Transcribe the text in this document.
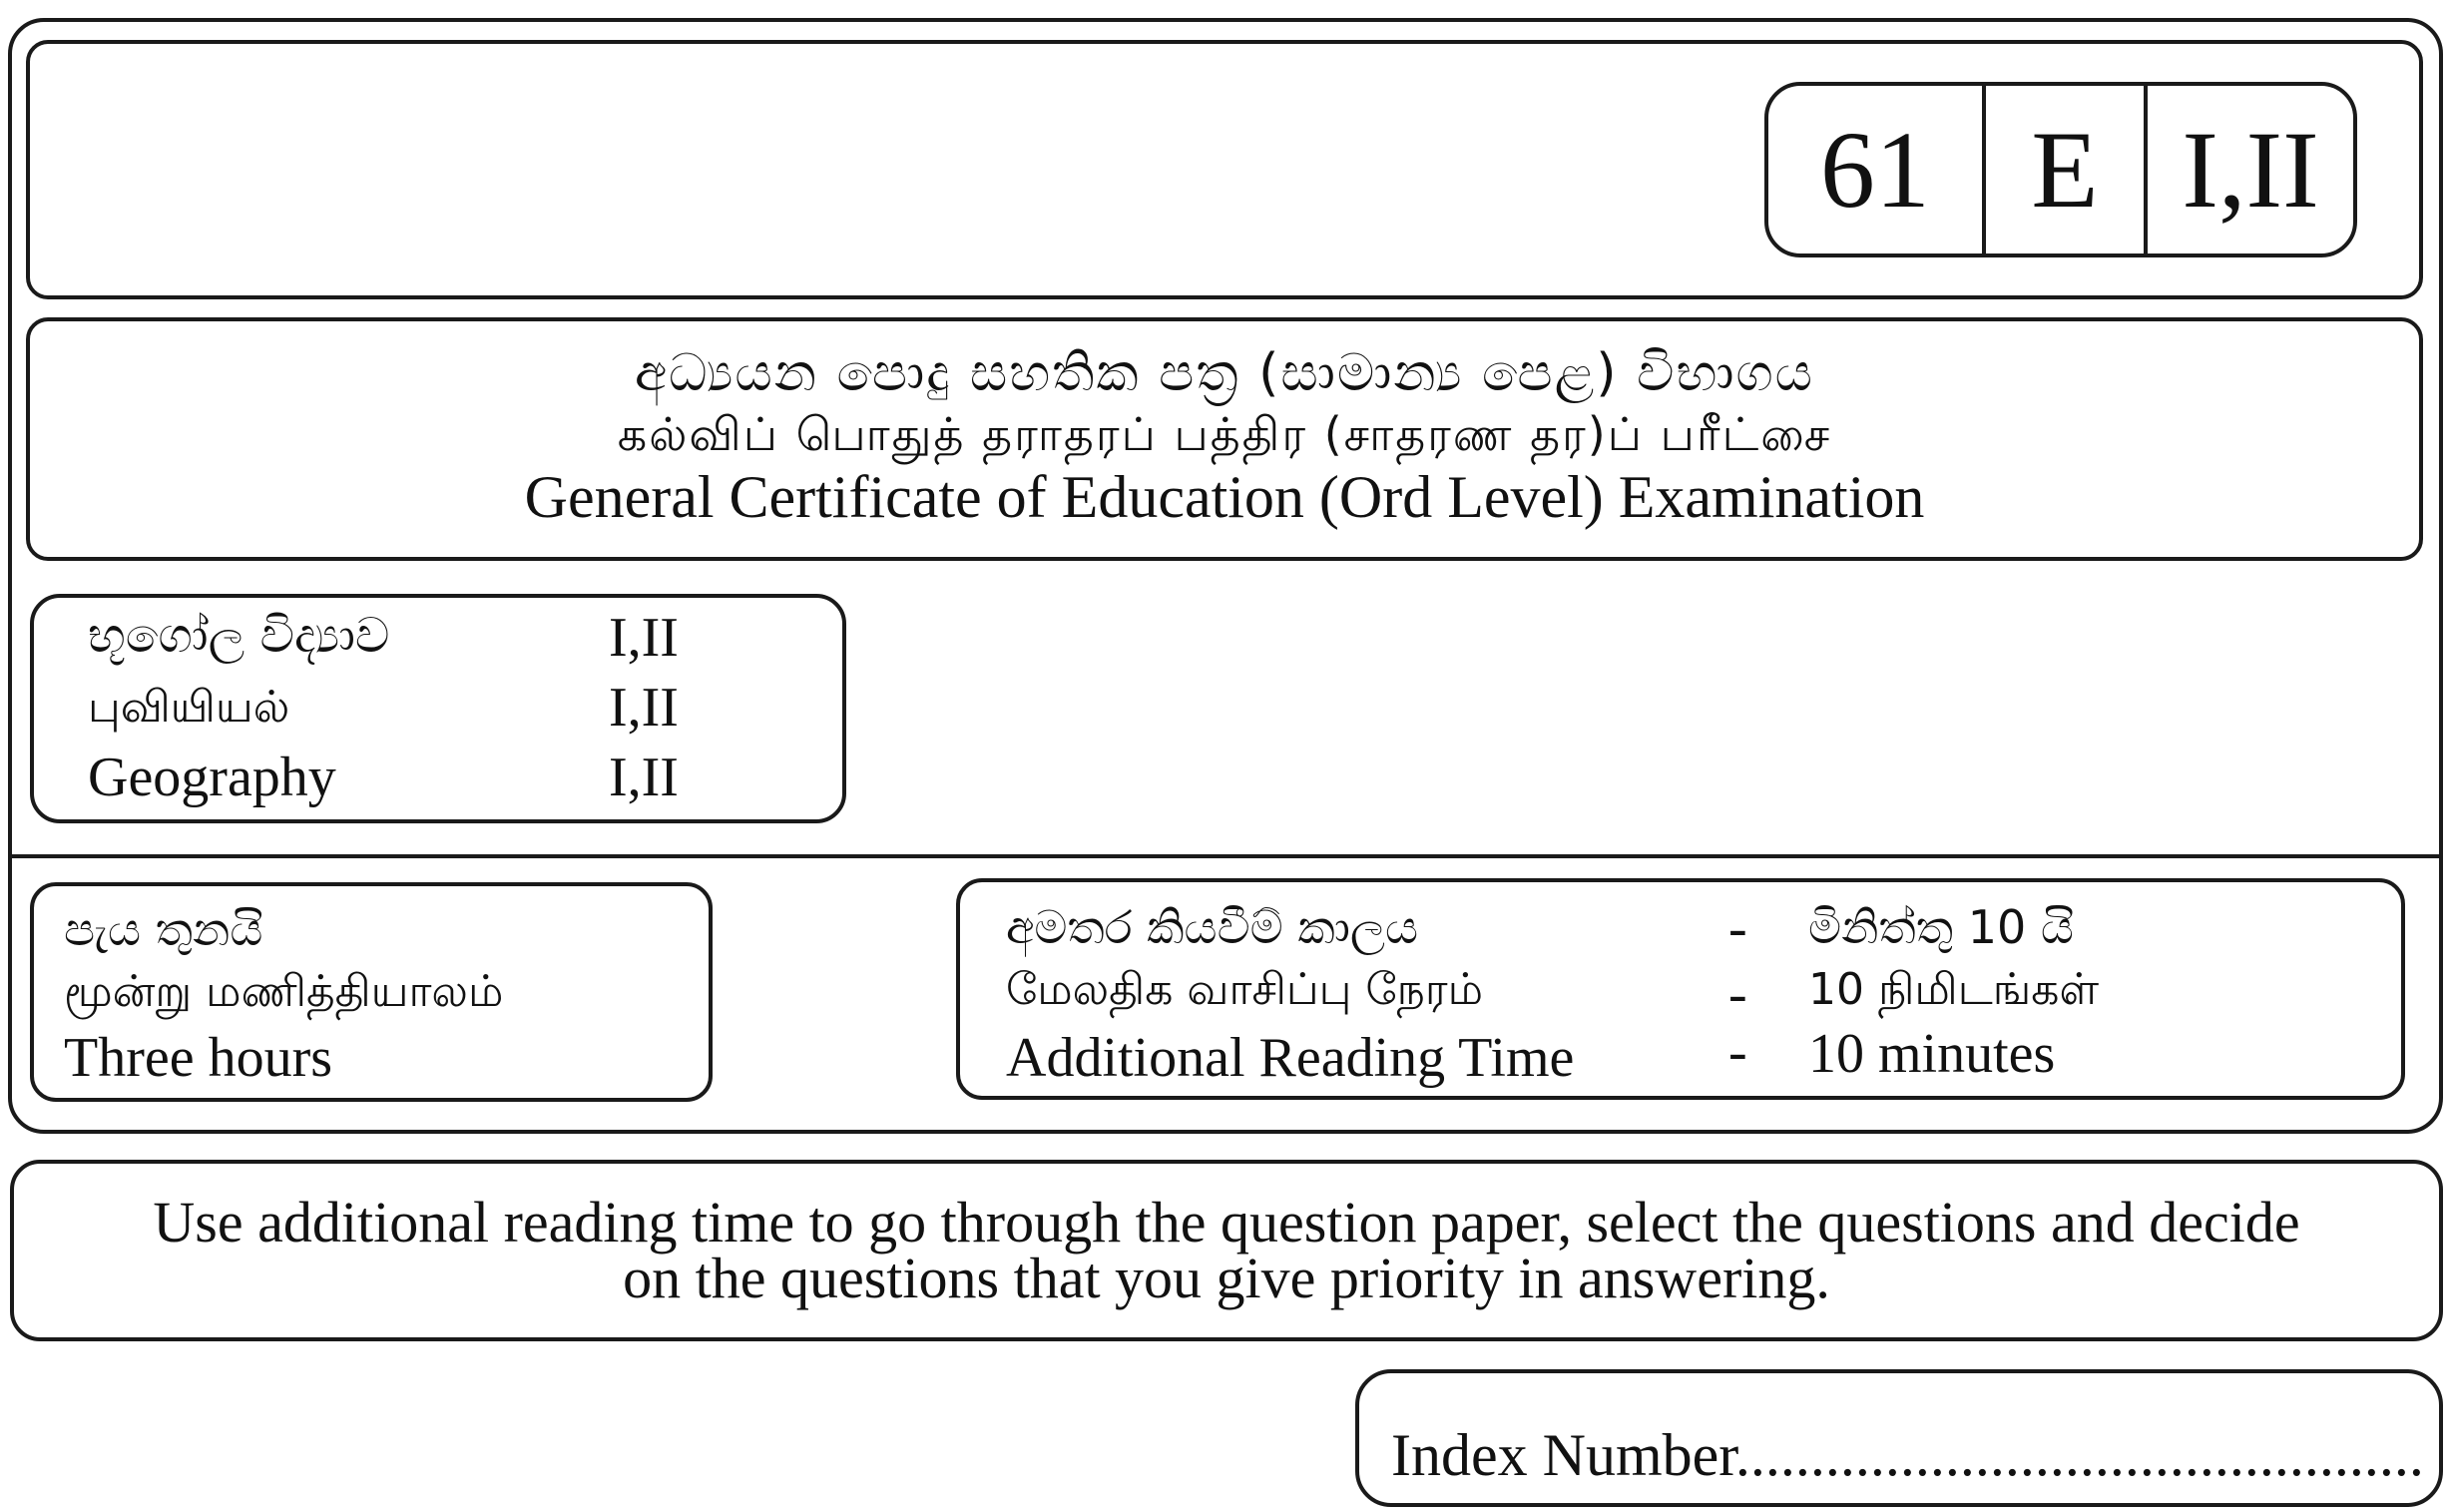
61 E I,II
අධ්‍යයන පොදු සහතික පත්‍ර (සාමාන්‍ය පෙළ) විභාගය
கல்விப் பொதுத் தராதரப் பத்திர (சாதரண தர)ப் பரீட்சை
General Certificate of Education (Ord Level) Examination
භූගෝල විද්‍යාව	I,II
புவியியல்	I,II
Geography	I,II
පැය තුනයි
மூன்று மணித்தியாலம்
Three hours
අමතර කියවීම් කාලය	- මිනිත්තු 10 යි
மேலதிக வாசிப்பு நேரம்	- 10 நிமிடங்கள்
Additional Reading Time	- 10 minutes
Use additional reading time to go through the question paper, select the questions and decide
on the questions that you give priority in answering.
Index Number..............................................
